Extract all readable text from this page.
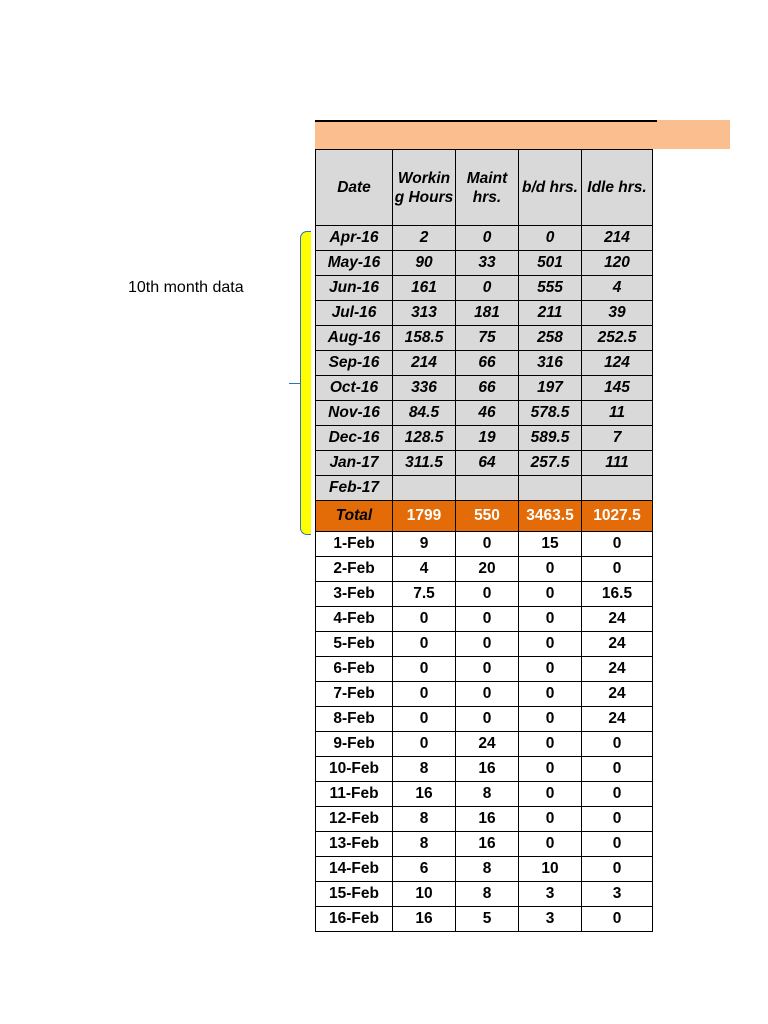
10th month data
Date	Workin g Hours	Maint hrs.	b/d hrs.	Idle hrs.
Apr-16	2	0	0	214
May-16	90	33	501	120
Jun-16	161	0	555	4
Jul-16	313	181	211	39
Aug-16	158.5	75	258	252.5
Sep-16	214	66	316	124
Oct-16	336	66	197	145
Nov-16	84.5	46	578.5	11
Dec-16	128.5	19	589.5	7
Jan-17	311.5	64	257.5	111
Feb-17				
Total	1799	550	3463.5	1027.5
1-Feb	9	0	15	0
2-Feb	4	20	0	0
3-Feb	7.5	0	0	16.5
4-Feb	0	0	0	24
5-Feb	0	0	0	24
6-Feb	0	0	0	24
7-Feb	0	0	0	24
8-Feb	0	0	0	24
9-Feb	0	24	0	0
10-Feb	8	16	0	0
11-Feb	16	8	0	0
12-Feb	8	16	0	0
13-Feb	8	16	0	0
14-Feb	6	8	10	0
15-Feb	10	8	3	3
16-Feb	16	5	3	0
